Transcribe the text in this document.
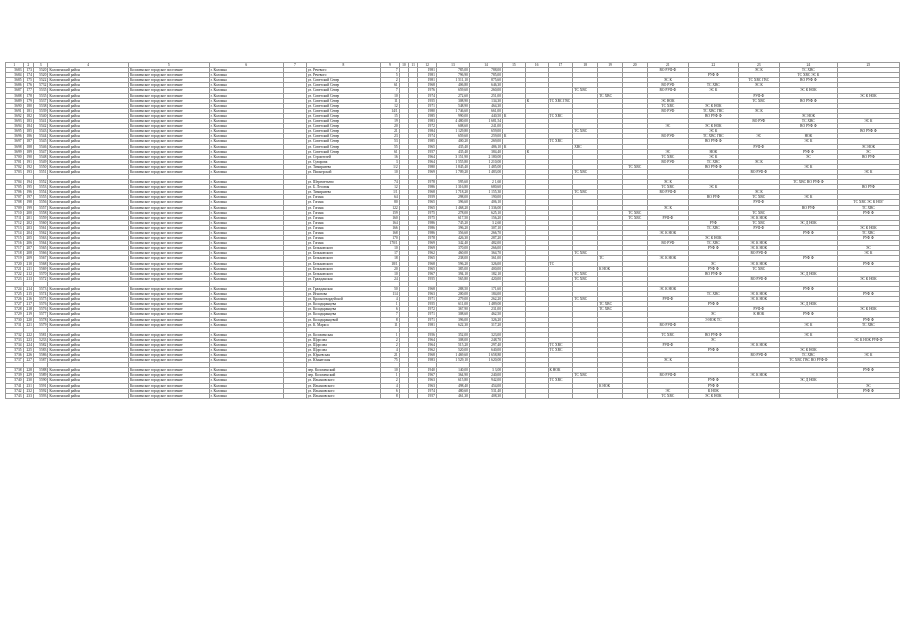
1	2	3	4	5	6	7	8	9	10	11	12	13	14	15	16	17	18	19	20	21	22	23	24	25
5683	173	5520	Коломенский район	Коломенское городское поселение	г. Коломна		ул. Речевого	7			1981	785,00	788,00							ВО РУФ Ф		ЭС К	ТС ХВС	
5684	174	5520	Коломенский район	Коломенское городское поселение	г. Коломна		ул. Речевого	5			1981	796,90	785,00								РУФ Ф		ТС ХВС ЭС К	
5685	175	5522	Коломенский район	Коломенское городское поселение	г. Коломна		ул. Советский Север	2			1981	1 511,10	875,60							ЭС К		ТС ХВС ГВС	ВО РУФ Ф	
5686	176	5732	Коломенский район	Коломенское городское поселение	г. Коломна		ул. Советский Север	61			1968	406,80	646,30							ВО РУФ	ТС ХВС	ЭС К		
5687	177	5535	Коломенский район	Коломенское городское поселение	г. Коломна		ул. Советский Север	7			1976	659,60	260,00				ТС ХВС			ВО РУФ Ф	ЭС К		ЭС К НОК	
5688	178	5535	Коломенский район	Коломенское городское поселение	г. Коломна		ул. Советский Север	10			1974	272,60	251,00					ТС ХВС				РУФ Ф		ЭС К НОК
5689	179	5537	Коломенский район	Коломенское городское поселение	г. Коломна		ул. Советский Север	11			1955	308,90	134,30		К	ТС ХВС ГВС				ЭС НОК		ТС ХВС	ВО РУФ Ф	
5690	180	5538	Коломенский район	Коломенское городское поселение	г. Коломна		ул. Советский Север	12			1971	548,90	464,30							ТС ХВС	ЭС К НОК			
5691	181	5539	Коломенский район	Коломенское городское поселение	г. Коломна		ул. Советский Север	14/1			1980	1 746,60	661,00							ВО РУФ	ТС ХВС ГВС	ЭС К		
5692	182	5540	Коломенский район	Коломенское городское поселение	г. Коломна		ул. Советский Север	15			1985	990,00	440,50	К		ТС ХВС					ВО РУФ Ф		ЭС НОК	
5693	183	5541	Коломенский район	Коломенское городское поселение	г. Коломна		ул. Советский Север	19			1983	4 480,00	1 681,54									ВО РУФ	ТС ХВС	ЭС К
5694	184	5542	Коломенский район	Коломенское городское поселение	г. Коломна		ул. Советский Север	20			1972	608,60	241,00							ЭС	ЭС К НОК		ВО РУФ Ф	
5695	185	5543	Коломенский район	Коломенское городское поселение	г. Коломна		ул. Советский Север	21			1984	1 129,80	659,00				ТС ХВС				ЭС К			ВО РУФ Ф
5696	186	5544	Коломенский район	Коломенское городское поселение	г. Коломна		ул. Советский Север	23			1974	659,60	259,00	К						ВО РУФ	ТС ХВС ГВС	ЭС	НОК	
5697	187	5545	Коломенский район	Коломенское городское поселение	г. Коломна		ул. Советский Север	53			1985	400,20	269,00			ТС ХВС					ВО РУФ Ф		ЭС К	
5698	188	5546	Коломенский район	Коломенское городское поселение	г. Коломна		ул. Советский Север	55			1965	435,40	486,10	К			ХВС					РУФ Ф		ЭС НОК
5699	189	5547	Коломенский район	Коломенское городское поселение	г. Коломна		ул. Советский Север	61			1957	435,40	384,40		К					ЭС	НОК		РУФ Ф	ЭС
5700	190	5548	Коломенский район	Коломенское городское поселение	г. Коломна		ул. Строителей	16			1964	3 151,90	2 180,00							ТС ХВС	ЭС К		ЭС	ВО РУФ
5701	191	5549	Коломенский район	Коломенское городское поселение	г. Коломна		ул. Суворова	3			1964	1 555,80	1 210,00							ВО РУФ	ТС ХВС	ЭС К		
5702	192	5550	Коломенский район	Коломенское городское поселение	г. Коломна		ул. Тимирязева	1/2			1980	1 845,40	1 485,00						ТС ХВС		ВО РУФ Ф		ЭС К	
5703	193	5551	Коломенский район	Коломенское городское поселение	г. Коломна		ул. Пионерской	10			1969	1 709,20	1 483,00				ТС ХВС					ВО РУФ Ф		ЭС К

5704	194	5552	Коломенский район	Коломенское городское поселение	г. Коломна		ул. Шереметьево	74			1978	595,60	2 1,60							ЭС К			ТС ХВС ВО РУФ Ф	
5705	195	5553	Коломенский район	Коломенское городское поселение	г. Коломна		ул. Б. Лесовая	12			1986	1 316,80	680,60							ТС ХВС	ЭС К			ВО РУФ
5706	196	5554	Коломенский район	Коломенское городское поселение	г. Коломна		ул. Тимирязева	1/1			1968	1 718,20	1 155,30				ТС ХВС			ВО РУФ Ф		ЭС К		
5707	197	5555	Коломенский район	Коломенское городское поселение	г. Коломна		ул. Гогина	64			1959	298,00	190,00								ВО РУФ	ТС ХВС	ЭС К	
5708	198	5556	Коломенский район	Коломенское городское поселение	г. Коломна		ул. Гогина	80			1965	396,60	406,10									РУФ Ф		ТС ХВС ЭС К НОГ
5709	199	5557	Коломенский район	Коломенское городское поселение	г. Коломна		ул. Гогина	122			1965	1 468,20	1 336,00							ЭС К			ВО РУФ	ТС ХВС
5710	200	5558	Коломенский район	Коломенское городское поселение	г. Коломна		ул. Гогина	159			1975	278,00	625,10						ТС ХВС			ТС ХВС		РУФ Ф
5711	201	5559	Коломенский район	Коломенское городское поселение	г. Коломна		ул. Гогина	160			1975	617,50	156,20						ТС ХВС	РУФ Ф		ЭС К НОК		
5712	202	5560	Коломенский район	Коломенское городское поселение	г. Коломна		ул. Гогина	164			1986	745,20	3 2,60								РУФ	ТС ХВС	ЭС Д НОК	
5713	203	5561	Коломенский район	Коломенское городское поселение	г. Коломна		ул. Гогина	166			1986	396,20	307,10								ТС ХВС	РУФ Ф		ЭС К НОК
5714	204	5562	Коломенский район	Коломенское городское поселение	г. Коломна		ул. Гогина	168			1986	356,60	266,70							ЭС К НОК			РУФ Ф	ТС ХВС
5715	205	5563	Коломенский район	Коломенское городское поселение	г. Коломна		ул. Гогина	170			1978	426,30	287,20								ЭС К НОК			РУФ Ф
5716	206	5564	Коломенский район	Коломенское городское поселение	г. Коломна		ул. Гогина	170/1			1969	342,40	482,00							ВО РУФ	ТС ХВС	ЭС К НОК		
5717	207	5565	Коломенский район	Коломенское городское поселение	г. Коломна		ул. Бельковского	10			1969	370,00	266,00								РУФ Ф	ЭС К НОК		ЭС
5718	208	5566	Коломенский район	Коломенское городское поселение	г. Коломна		ул. Бельковского	17			1962	460,00	364,70				ТС ХВС					ВО РУФ Ф		ЭС К
5719	209	5567	Коломенский район	Коломенское городское поселение	г. Коломна		ул. Бельковского	18			1965	238,00	361,00					ТС		ЭС К НОК			РУФ Ф	
5720	210	5568	Коломенский район	Коломенское городское поселение	г. Коломна		ул. Бельковского	18/1			1968	596,20	326,00			ТС					ЭС	ЭС К НОК		РУФ Ф
5721	211	5569	Коломенский район	Коломенское городское поселение	г. Коломна		ул. Бельковского	20			1965	385,00	400,00					К НОК			РУФ Ф	ТС ХВС		
5722	212	5570	Коломенский район	Коломенское городское поселение	г. Коломна		ул. Бельковского	10			1967	394,10	182,10				ТС ХВС				ВО РУФ Ф		ЭС Д НОК	
5723	213	5572	Коломенский район	Коломенское городское поселение	г. Коломна		ул. Гражданская	24			1955	565,80	420,00				ТС ХВС					ВО РУФ Ф		ЭС К НОК

5724	214	5573	Коломенский район	Коломенское городское поселение	г. Коломна		ул. Гражданская	50			1968	288,50	171,60							ЭС К НОК			РУФ Ф	
5725	215	5574	Коломенский район	Коломенское городское поселение	г. Коломна		ул. Игнатова	114			1963	200,00	184,00								ТС ХВС	ЭС К НОК		РУФ Ф
5726	216	5575	Коломенский район	Коломенское городское поселение	г. Коломна		ул. Красногвардейской	4			1971	279,00	262,20				ТС ХВС			РУФ Ф		ЭС К НОК		
5727	217	5576	Коломенский район	Коломенское городское поселение	г. Коломна		ул. Колодкранцева	1			1955	611,00	1 489,00					ТС ХВС			РУФ Ф		ЭС Д НОК	
5728	218	5576	Коломенский район	Коломенское городское поселение	г. Коломна		ул. Колодкранцева	6			1972	367,90	231,00					ТС ХВС				РУФ Ф		ЭС К НОК
5729	219	5577	Коломенский район	Коломенское городское поселение	г. Коломна		ул. Колодкранцева	7			1971	308,60	462,50								ЭС	К НОК	РУФ Ф	
5730	220	5578	Коломенский район	Коломенское городское поселение	г. Коломна		ул. Колодкранцевой	8			1971	396,00	326,20								Э НОК ТС			РУФ Ф
5731	221	5579	Коломенский район	Коломенское городское поселение	г. Коломна		ул. К. Маркса	11			1981	622,30	317,20							ВО РУФ Ф			ЭС К	ТС ХВС

5732	222	5581	Коломенский район	Коломенское городское поселение	г. Коломна		ул. Коломенская	1			1956	352,00	323,00							ТС ХВС	ВО РУФ Ф		ЭС К	
5733	223	5233	Коломенский район	Коломенское городское поселение	г. Коломна		ул. Щорсова	2			1964	308,00	248,70								ЭС			ЭС К НОК РУФ Ф
5734	224	5582	Коломенский район	Коломенское городское поселение	г. Коломна		ул. Щорсова	2			1964	515,20	297,40			ТС ХВС				РУФ Ф		ЭС К НОК		
5735	225	5583	Коломенский район	Коломенское городское поселение	г. Коломна		ул. Щорсова	4			1962	520,00	640,00			ТС ХВС					РУФ Ф		ЭС К НОК	
5736	226	5586	Коломенский район	Коломенское городское поселение	г. Коломна		ул. Юрьевская	21			1968	1 469,60	1 658,80									ВО РУФ Ф	ТС ХВС	ЭС К
5737	227	5587	Коломенский район	Коломенское городское поселение	г. Коломна		ул. Юннатская	75			1983	1 529,10	1 620,00							ЭС К			ТС ХВС ГВС ВО РУФ Ф	

5738	228	5588	Коломенский район	Коломенское городское поселение	г. Коломна		пер. Коломенский	10			1940	140,00	3 3,00			К НОК								РУФ Ф
5739	229	5589	Коломенский район	Коломенское городское поселение	г. Коломна		пер. Коломенский	1			1967	364,90	240,00				ТС ХВС			ВО РУФ Ф		ЭС К НОК		
5740	230	5590	Коломенский район	Коломенское городское поселение	г. Коломна		ул. Ильиновского	2			1963	615,80	942,00			ТС ХВС					РУФ Ф		ЭС Д НОК	
5741	231	5591	Коломенский район	Коломенское городское поселение	г. Коломна		ул. Ильиновского	4			1963	498,40	454,00					К НОК			РУФ Ф			ЭС
5742	232	5592	Коломенский район	Коломенское городское поселение	г. Коломна		ул. Ильиновского	6			1974	480,60	531,40							ЭС	К НОК			РУФ Ф
5743	233	5593	Коломенский район	Коломенское городское поселение	г. Коломна		ул. Ильиновского	8			1957	461,30	408,30							ТС ХВС	ЭС К НОК			
